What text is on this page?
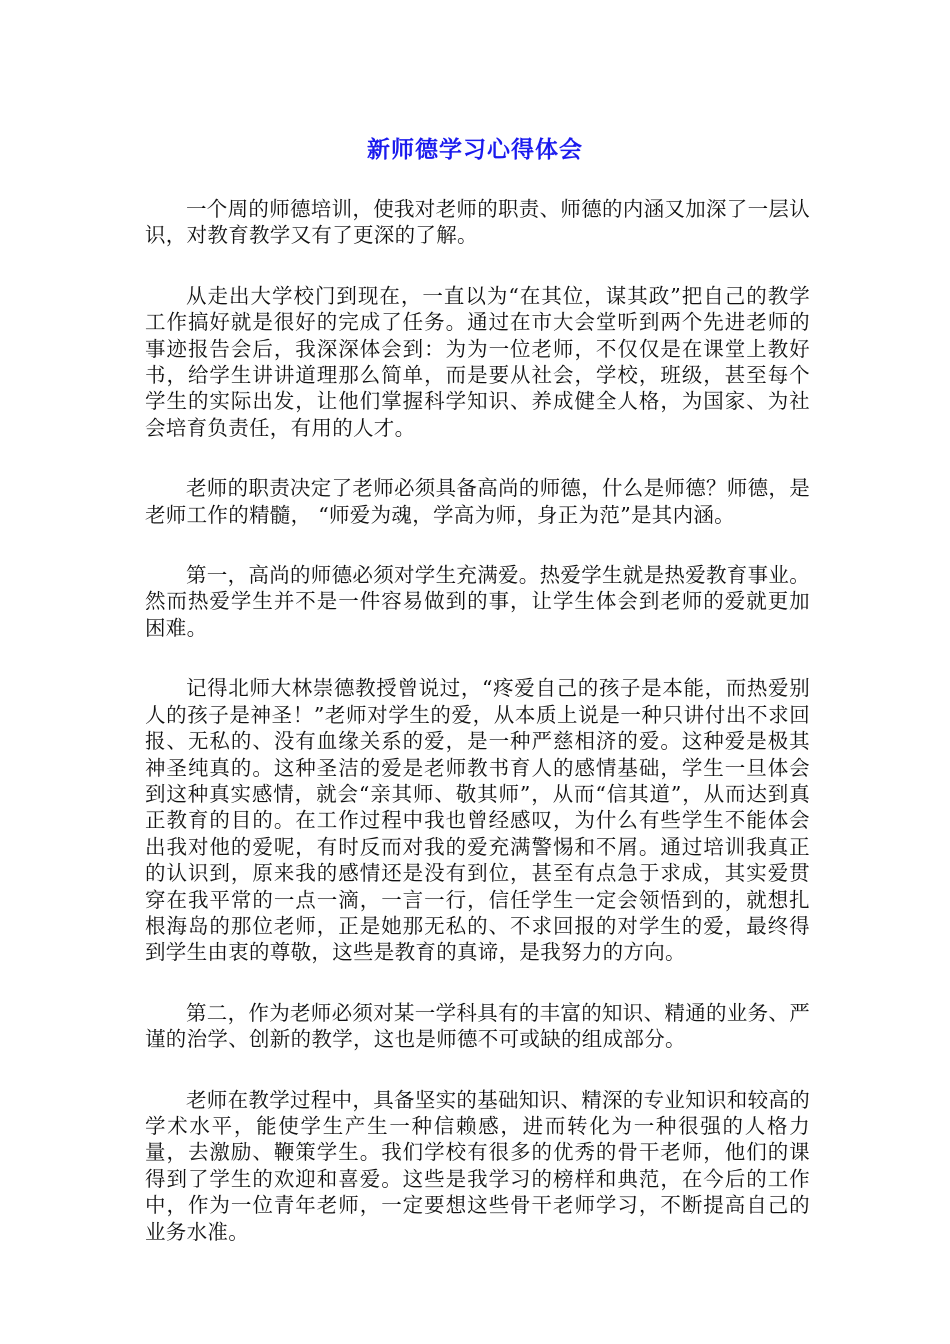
新师德学习心得体会

一个周的师德培训，使我对老师的职责、师德的内涵又加深了一层认识，对教育教学又有了更深的了解。

从走出大学校门到现在，一直以为“在其位，谋其政”把自己的教学工作搞好就是很好的完成了任务。通过在市大会堂听到两个先进老师的事迹报告会后，我深深体会到：为为一位老师，不仅仅是在课堂上教好书，给学生讲讲道理那么简单，而是要从社会，学校，班级，甚至每个学生的实际出发，让他们掌握科学知识、养成健全人格，为国家、为社会培育负责任，有用的人才。

老师的职责决定了老师必须具备高尚的师德，什么是师德？师德，是老师工作的精髓， “师爱为魂，学高为师，身正为范”是其内涵。

第一，高尚的师德必须对学生充满爱。热爱学生就是热爱教育事业。然而热爱学生并不是一件容易做到的事，让学生体会到老师的爱就更加困难。

记得北师大林崇德教授曾说过，“疼爱自己的孩子是本能，而热爱别人的孩子是神圣！”老师对学生的爱，从本质上说是一种只讲付出不求回报、无私的、没有血缘关系的爱，是一种严慈相济的爱。这种爱是极其神圣纯真的。这种圣洁的爱是老师教书育人的感情基础，学生一旦体会到这种真实感情，就会“亲其师、敬其师”，从而“信其道”，从而达到真正教育的目的。在工作过程中我也曾经感叹，为什么有些学生不能体会出我对他的爱呢，有时反而对我的爱充满警惕和不屑。通过培训我真正的认识到，原来我的感情还是没有到位，甚至有点急于求成，其实爱贯穿在我平常的一点一滴，一言一行，信任学生一定会领悟到的，就想扎根海岛的那位老师，正是她那无私的、不求回报的对学生的爱，最终得到学生由衷的尊敬，这些是教育的真谛，是我努力的方向。

第二，作为老师必须对某一学科具有的丰富的知识、精通的业务、严谨的治学、创新的教学，这也是师德不可或缺的组成部分。

老师在教学过程中，具备坚实的基础知识、精深的专业知识和较高的学术水平，能使学生产生一种信赖感，进而转化为一种很强的人格力量，去激励、鞭策学生。我们学校有很多的优秀的骨干老师，他们的课得到了学生的欢迎和喜爱。这些是我学习的榜样和典范，在今后的工作中，作为一位青年老师，一定要想这些骨干老师学习，不断提高自己的业务水准。
